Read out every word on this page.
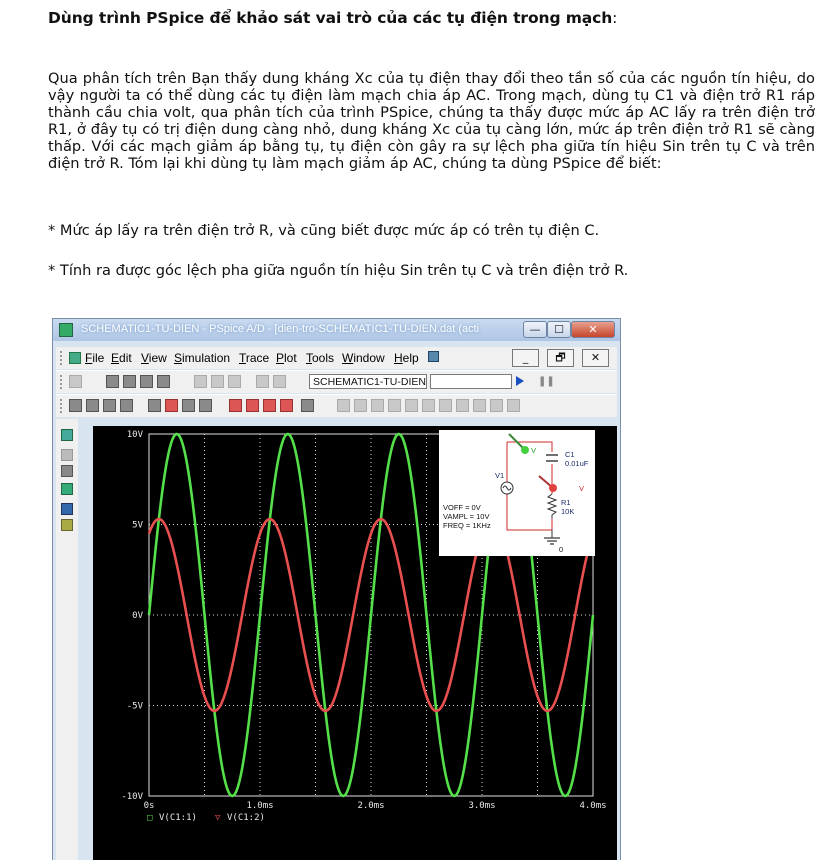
Dùng trình PSpice để khảo sát vai trò của các tụ điện trong mạch:
Qua phân tích trên Bạn thấy dung kháng Xc của tụ điện thay đổi theo tần số của các nguồn tín hiệu, do vậy người ta có thể dùng các tụ điện làm mạch chia áp AC. Trong mạch, dùng tụ C1 và điện trở R1 ráp thành cầu chia volt, qua phân tích của trình PSpice, chúng ta thấy được mức áp AC lấy ra trên điện trở R1, ở đây tụ có trị điện dung càng nhỏ, dung kháng Xc của tụ càng lớn, mức áp trên điện trở R1 sẽ càng thấp. Với các mạch giảm áp bằng tụ, tụ điện còn gây ra sự lệch pha giữa tín hiệu Sin trên tụ C và trên điện trở R. Tóm lại khi dùng tụ làm mạch giảm áp AC, chúng ta dùng PSpice để biết:
* Mức áp lấy ra trên điện trở R, và cũng biết được mức áp có trên tụ điện C.
* Tính ra được góc lệch pha giữa nguồn tín hiệu Sin trên tụ C và trên điện trở R.
SCHEMATIC1-TU-DIEN - PSpice A/D - [dien-tro-SCHEMATIC1-TU-DIEN.dat (acti	—	☐	✕
File Edit View Simulation Trace Plot Tools Window Help	_	🗗	✕
SCHEMATIC1-TU-DIEN	❚❚
V
V
C1
0.01uF
V1
R1
10K
VOFF = 0V
VAMPL = 10V
FREQ = 1KHz
0
10V
5V
0V
-5V
-10V
0s	1.0ms	2.0ms	3.0ms	4.0ms
□ V(C1:1) ▽ V(C1:2)
